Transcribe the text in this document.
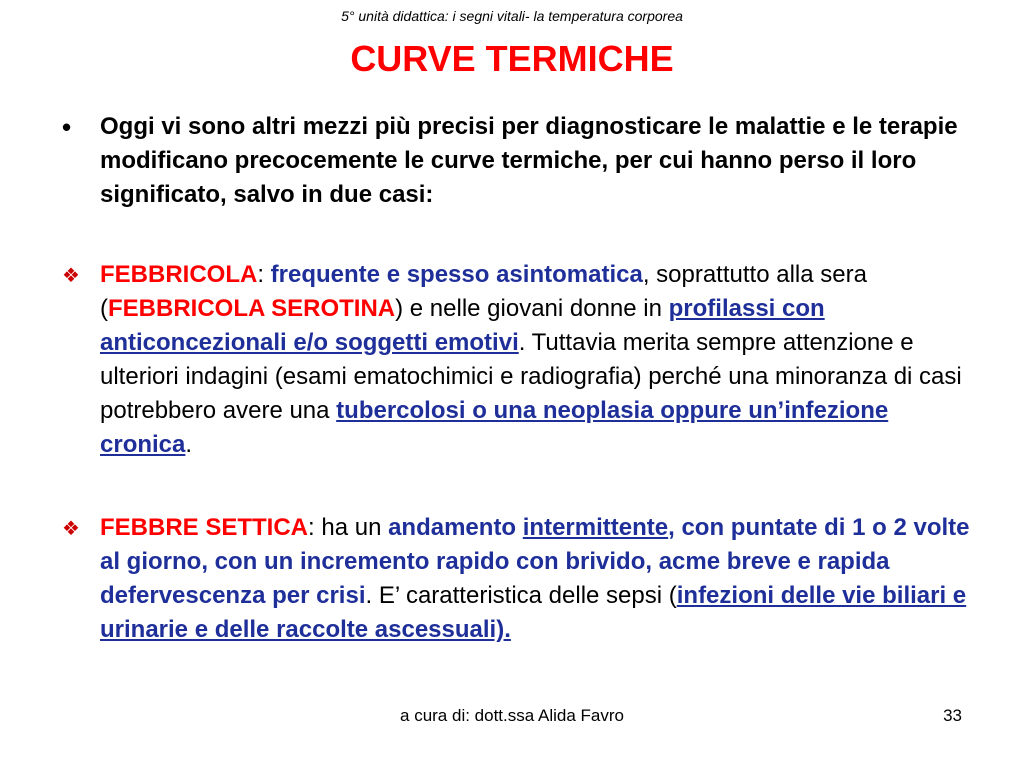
5° unità didattica: i segni vitali- la temperatura corporea
CURVE TERMICHE
• Oggi vi sono altri mezzi più precisi per diagnosticare le malattie e le terapie modificano precocemente le curve termiche, per cui hanno perso il loro significato, salvo in due casi:
❖ FEBBRICOLA: frequente e spesso asintomatica, soprattutto alla sera (FEBBRICOLA SEROTINA) e nelle giovani donne in profilassi con anticoncezionali e/o soggetti emotivi. Tuttavia merita sempre attenzione e ulteriori indagini (esami ematochimici e radiografia) perché una minoranza di casi potrebbero avere una tubercolosi o una neoplasia oppure un’infezione cronica.
❖ FEBBRE SETTICA: ha un andamento intermittente, con puntate di 1 o 2 volte al giorno, con un incremento rapido con brivido, acme breve e rapida defervescenza per crisi. E’ caratteristica delle sepsi (infezioni delle vie biliari e urinarie e delle raccolte ascessuali).
a cura di: dott.ssa Alida Favro	33
